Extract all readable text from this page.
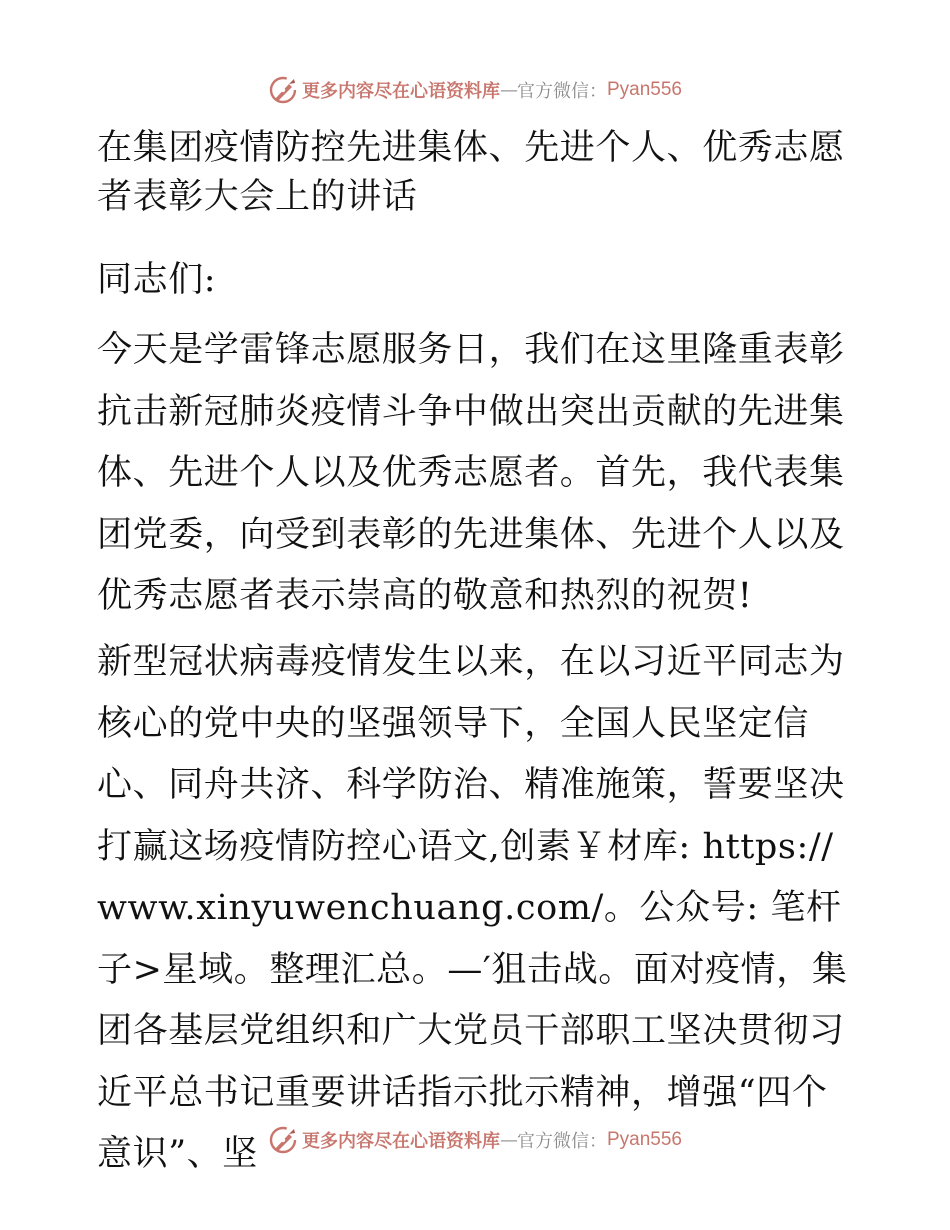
更多内容尽在心语资料库 — 官方微信： Pyan556
在集团疫情防控先进集体、先进个人、优秀志愿者表彰大会上的讲话

同志们:

今天是学雷锋志愿服务日，我们在这里隆重表彰抗击新冠肺炎疫情斗争中做出突出贡献的先进集体、先进个人以及优秀志愿者。首先，我代表集团党委，向受到表彰的先进集体、先进个人以及优秀志愿者表示崇高的敬意和热烈的祝贺!

新型冠状病毒疫情发生以来，在以习近平同志为核心的党中央的坚强领导下，全国人民坚定信心、同舟共济、科学防治、精准施策，誓要坚决打赢这场疫情防控心语文,创素￥材库: https://www.xinyuwenchuang.com/。公众号: 笔杆子>星域。整理汇总。—′狙击战。面对疫情，集团各基层党组织和广大党员干部职工坚决贯彻习近平总书记重要讲话指示批示精神，增强“四个意识”、坚	更多内容尽在心语资料库 — 官方微信： Pyan556
